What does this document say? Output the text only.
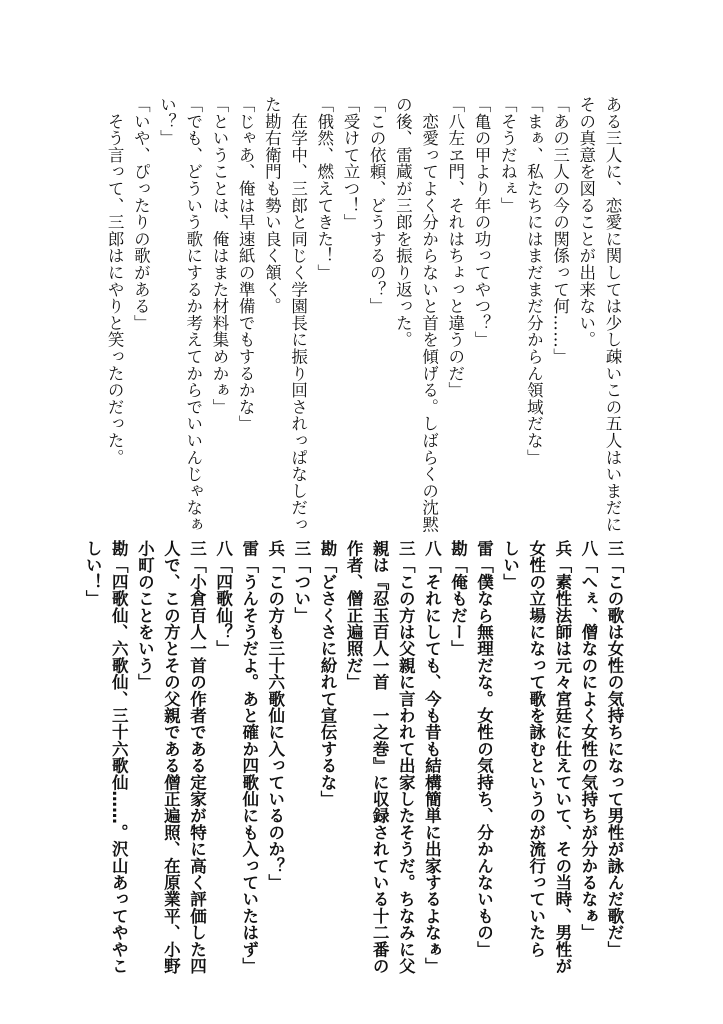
ある三人に、恋愛に関しては少し疎いこの五人はいまだに
その真意を図ることが出来ない。
「あの三人の今の関係って何……」
「まぁ、私たちにはまだまだ分からん領域だな」
「そうだねぇ」
「亀の甲より年の功ってやつ？」
「八左ヱ門、それはちょっと違うのだ」
　恋愛ってよく分からないと首を傾げる。しばらくの沈黙
の後、雷蔵が三郎を振り返った。
「この依頼、どうするの？」
「受けて立つ！」
「俄然、燃えてきた！」
　在学中、三郎と同じく学園長に振り回されっぱなしだっ
た勘右衛門も勢い良く頷く。
「じゃあ、俺は早速紙の準備でもするかな」
「ということは、俺はまた材料集めかぁ」
「でも、どういう歌にするか考えてからでいいんじゃなぁ
い？」
「いや、ぴったりの歌がある」
　そう言って、三郎はにやりと笑ったのだった。
三「この歌は女性の気持ちになって男性が詠んだ歌だ」
八「へぇ、僧なのによく女性の気持ちが分かるなぁ」
兵「素性法師は元々宮廷に仕えていて、その当時、男性が
女性の立場になって歌を詠むというのが流行っていたら
しい」
雷「僕なら無理だな。女性の気持ち、分かんないもの」
勘「俺もだー」
八「それにしても、今も昔も結構簡単に出家するよなぁ」
三「この方は父親に言われて出家したそうだ。ちなみに父
親は『忍玉百人一首　一之巻』に収録されている十二番の
作者、僧正遍照だ」
勘「どさくさに紛れて宣伝するな」
三「つい」
兵「この方も三十六歌仙に入っているのか？」
雷「うんそうだよ。あと確か四歌仙にも入っていたはず」
八「四歌仙？」
三「小倉百人一首の作者である定家が特に高く評価した四
人で、この方とその父親である僧正遍照、在原業平、小野
小町のことをいう」
勘「四歌仙、六歌仙、三十六歌仙……。沢山あってややこ
しい！」
